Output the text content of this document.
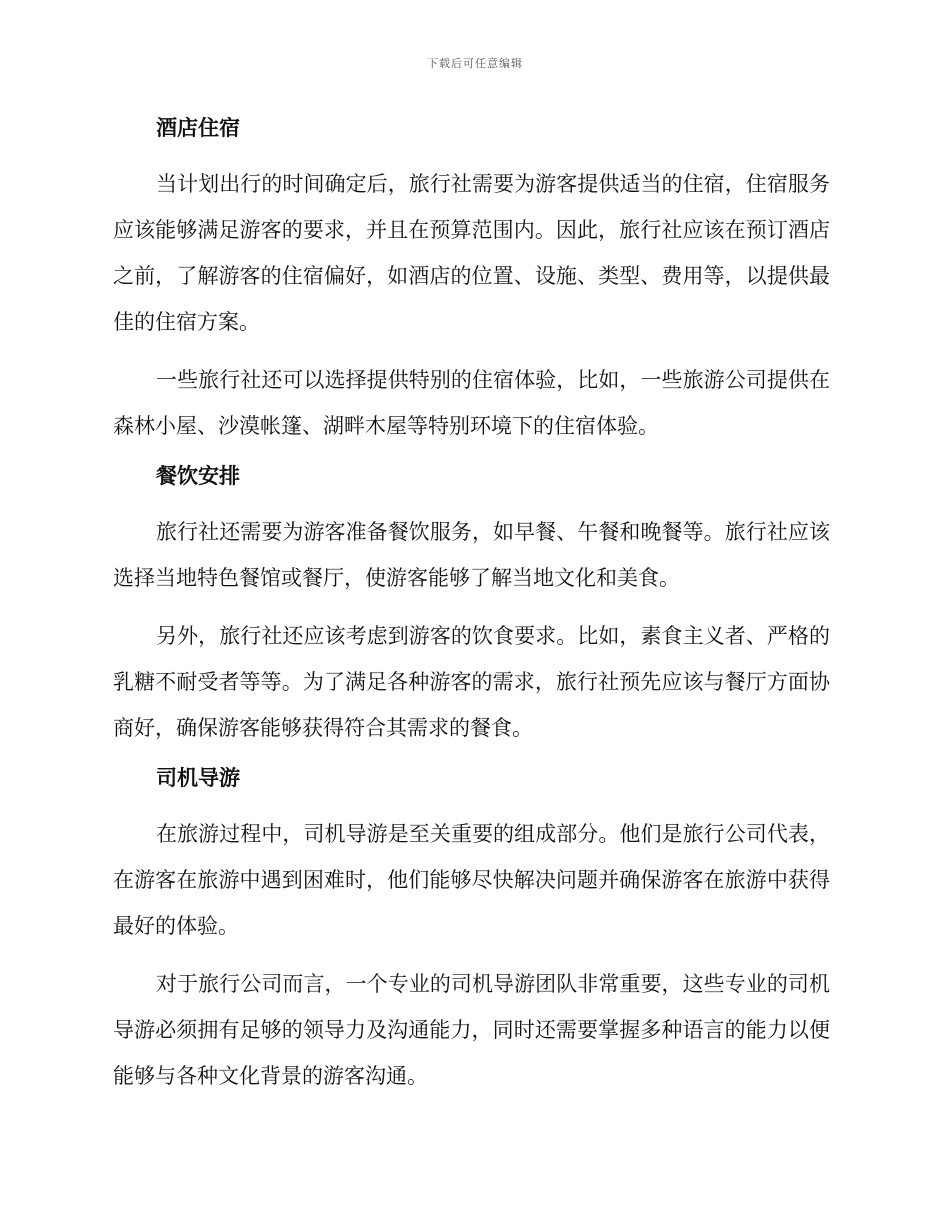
下载后可任意编辑
酒店住宿

当计划出行的时间确定后，旅行社需要为游客提供适当的住宿，住宿服务应该能够满足游客的要求，并且在预算范围内。因此，旅行社应该在预订酒店之前，了解游客的住宿偏好，如酒店的位置、设施、类型、费用等，以提供最佳的住宿方案。

一些旅行社还可以选择提供特别的住宿体验，比如，一些旅游公司提供在森林小屋、沙漠帐篷、湖畔木屋等特别环境下的住宿体验。

餐饮安排

旅行社还需要为游客准备餐饮服务，如早餐、午餐和晚餐等。旅行社应该选择当地特色餐馆或餐厅，使游客能够了解当地文化和美食。

另外，旅行社还应该考虑到游客的饮食要求。比如，素食主义者、严格的乳糖不耐受者等等。为了满足各种游客的需求，旅行社预先应该与餐厅方面协商好，确保游客能够获得符合其需求的餐食。

司机导游

在旅游过程中，司机导游是至关重要的组成部分。他们是旅行公司代表，在游客在旅游中遇到困难时，他们能够尽快解决问题并确保游客在旅游中获得最好的体验。

对于旅行公司而言，一个专业的司机导游团队非常重要，这些专业的司机导游必须拥有足够的领导力及沟通能力，同时还需要掌握多种语言的能力以便能够与各种文化背景的游客沟通。
